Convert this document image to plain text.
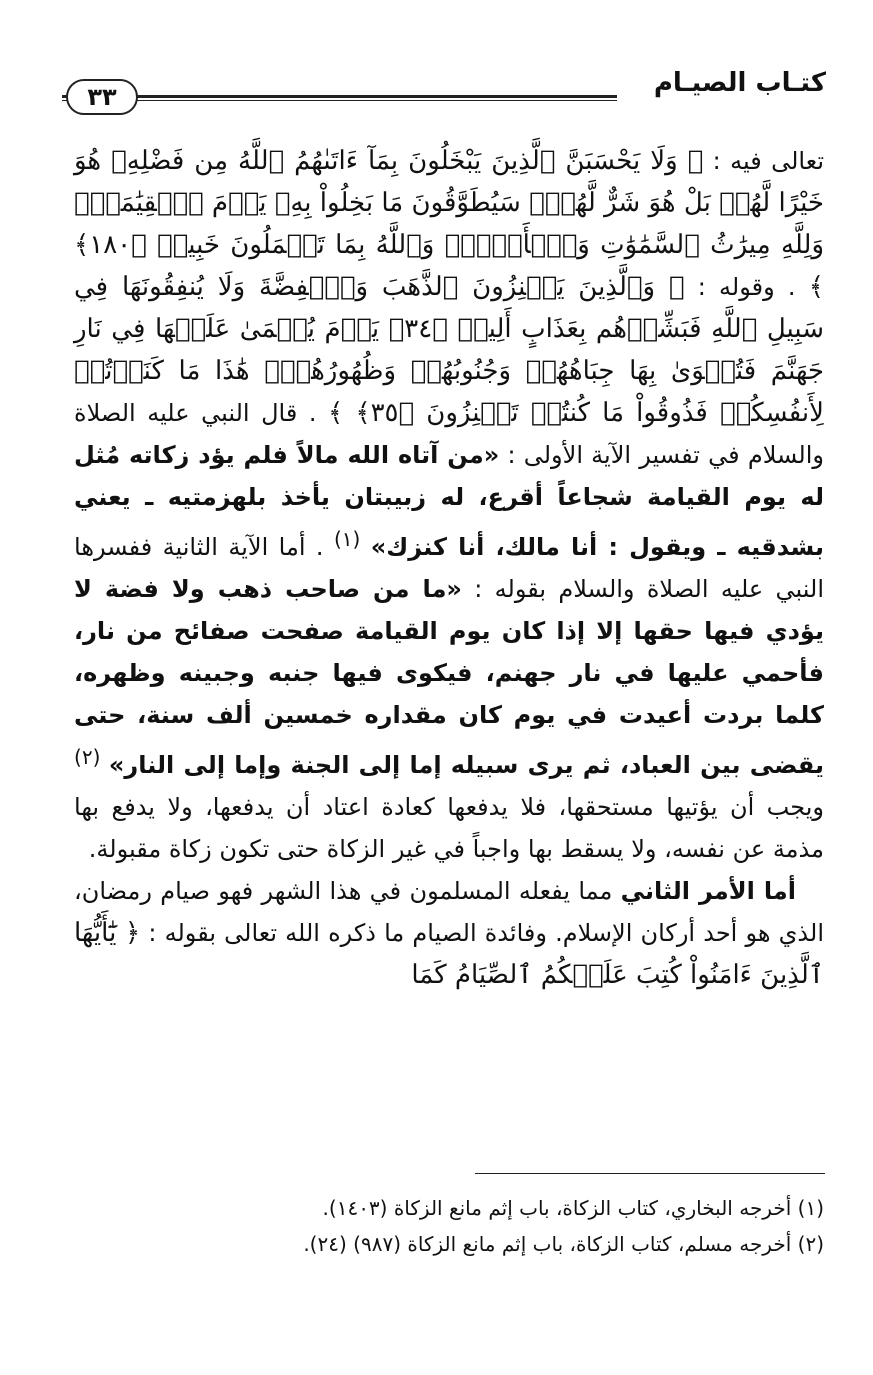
كتـاب الصيـام
٣٣

تعالى فيه : ﴿ وَلَا يَحْسَبَنَّ ٱلَّذِينَ يَبْخَلُونَ بِمَآ ءَاتَىٰهُمُ ٱللَّهُ مِن فَضْلِهِۦ هُوَ خَيْرًا لَّهُمۖ بَلْ هُوَ شَرٌّ لَّهُمۡۖ سَيُطَوَّقُونَ مَا بَخِلُواْ بِهِۦ يَوۡمَ ٱلۡقِيَٰمَةِۗ وَلِلَّهِ مِيرَٰثُ ٱلسَّمَٰوَٰتِ وَٱلۡأَرۡضِۗ وَٱللَّهُ بِمَا تَعۡمَلُونَ خَبِيرٞ ﴿١٨٠﴾ ﴾ . وقوله : ﴿ وَٱلَّذِينَ يَكۡنِزُونَ ٱلذَّهَبَ وَٱلۡفِضَّةَ وَلَا يُنفِقُونَهَا فِي سَبِيلِ ٱللَّهِ فَبَشِّرۡهُم بِعَذَابٍ أَلِيمٖ ﴿٣٤﴾ يَوۡمَ يُحۡمَىٰ عَلَيۡهَا فِي نَارِ جَهَنَّمَ فَتُكۡوَىٰ بِهَا جِبَاهُهُمۡ وَجُنُوبُهُمۡ وَظُهُورُهُمۡۖ هَٰذَا مَا كَنَزۡتُمۡ لِأَنفُسِكُمۡ فَذُوقُواْ مَا كُنتُمۡ تَكۡنِزُونَ ﴿٣٥﴾ ﴾ . قال النبي عليه الصلاة والسلام في تفسير الآية الأولى : «من آتاه الله مالاً فلم يؤد زكاته مُثل له يوم القيامة شجاعاً أقرع، له زبيبتان يأخذ بلهزمتيه ـ يعني بشدقيه ـ ويقول : أنا مالك، أنا كنزك» $^{(١)}$ . أما الآية الثانية ففسرها النبي عليه الصلاة والسلام بقوله : «ما من صاحب ذهب ولا فضة لا يؤدي فيها حقها إلا إذا كان يوم القيامة صفحت صفائح من نار، فأحمي عليها في نار جهنم، فيكوى فيها جنبه وجبينه وظهره، كلما بردت أعيدت في يوم كان مقداره خمسين ألف سنة، حتى يقضى بين العباد، ثم يرى سبيله إما إلى الجنة وإما إلى النار» $^{(٢)}$ ويجب أن يؤتيها مستحقها، فلا يدفعها كعادة اعتاد أن يدفعها، ولا يدفع بها مذمة عن نفسه، ولا يسقط بها واجباً في غير الزكاة حتى تكون زكاة مقبولة.

أما الأمر الثاني مما يفعله المسلمون في هذا الشهر فهو صيام رمضان، الذي هو أحد أركان الإسلام. وفائدة الصيام ما ذكره الله تعالى بقوله : ﴿ يَٰٓأَيُّهَا ٱلَّذِينَ ءَامَنُواْ كُتِبَ عَلَيۡكُمُ ٱلصِّيَامُ كَمَا

(١) أخرجه البخاري، كتاب الزكاة، باب إثم مانع الزكاة (١٤٠٣).

(٢) أخرجه مسلم، كتاب الزكاة، باب إثم مانع الزكاة (٩٨٧) (٢٤).
